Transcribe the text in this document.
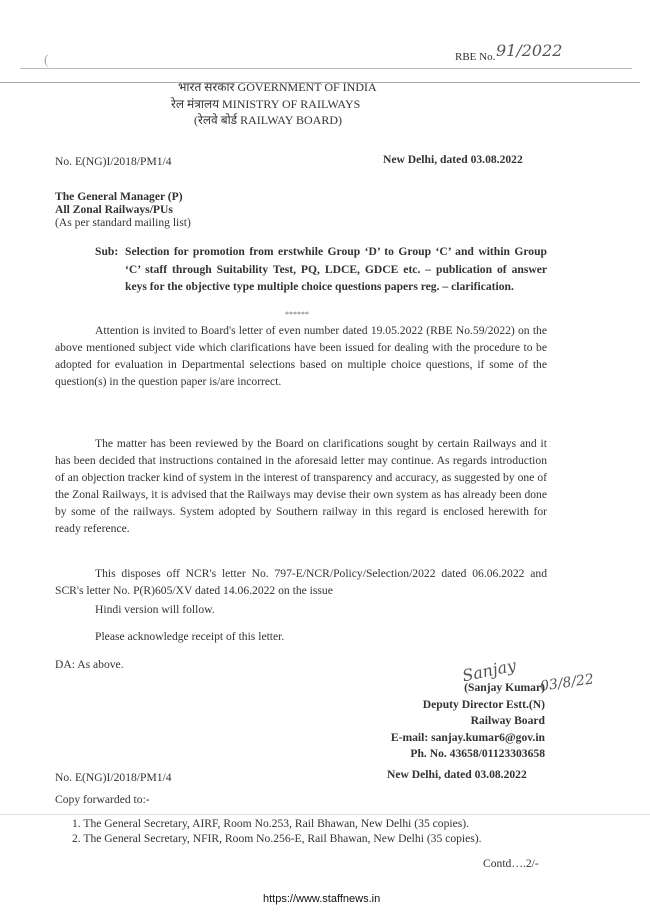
(	RBE No. 91/2022
भारत सरकार GOVERNMENT OF INDIA
रेल मंत्रालय MINISTRY OF RAILWAYS
(रेलवे बोर्ड RAILWAY BOARD)
No. E(NG)I/2018/PM1/4	New Delhi, dated 03.08.2022
The General Manager (P)
All Zonal Railways/PUs
(As per standard mailing list)
Sub: Selection for promotion from erstwhile Group ‘D’ to Group ‘C’ and within Group ‘C’ staff through Suitability Test, PQ, LDCE, GDCE etc. – publication of answer keys for the objective type multiple choice questions papers reg. – clarification.
******
Attention is invited to Board's letter of even number dated 19.05.2022 (RBE No.59/2022) on the above mentioned subject vide which clarifications have been issued for dealing with the procedure to be adopted for evaluation in Departmental selections based on multiple choice questions, if some of the question(s) in the question paper is/are incorrect.
The matter has been reviewed by the Board on clarifications sought by certain Railways and it has been decided that instructions contained in the aforesaid letter may continue. As regards introduction of an objection tracker kind of system in the interest of transparency and accuracy, as suggested by one of the Zonal Railways, it is advised that the Railways may devise their own system as has already been done by some of the railways. System adopted by Southern railway in this regard is enclosed herewith for ready reference.
This disposes off NCR's letter No. 797-E/NCR/Policy/Selection/2022 dated 06.06.2022 and SCR's letter No. P(R)605/XV dated 14.06.2022 on the issue
Hindi version will follow.
Please acknowledge receipt of this letter.
DA: As above.	Sanjay 03/8/22
(Sanjay Kumar)
Deputy Director Estt.(N)
Railway Board
E-mail: sanjay.kumar6@gov.in
Ph. No. 43658/01123303658
No. E(NG)I/2018/PM1/4	New Delhi, dated 03.08.2022
Copy forwarded to:-
1. The General Secretary, AIRF, Room No.253, Rail Bhawan, New Delhi (35 copies).
2. The General Secretary, NFIR, Room No.256-E, Rail Bhawan, New Delhi (35 copies).
Contd….2/-
https://www.staffnews.in
